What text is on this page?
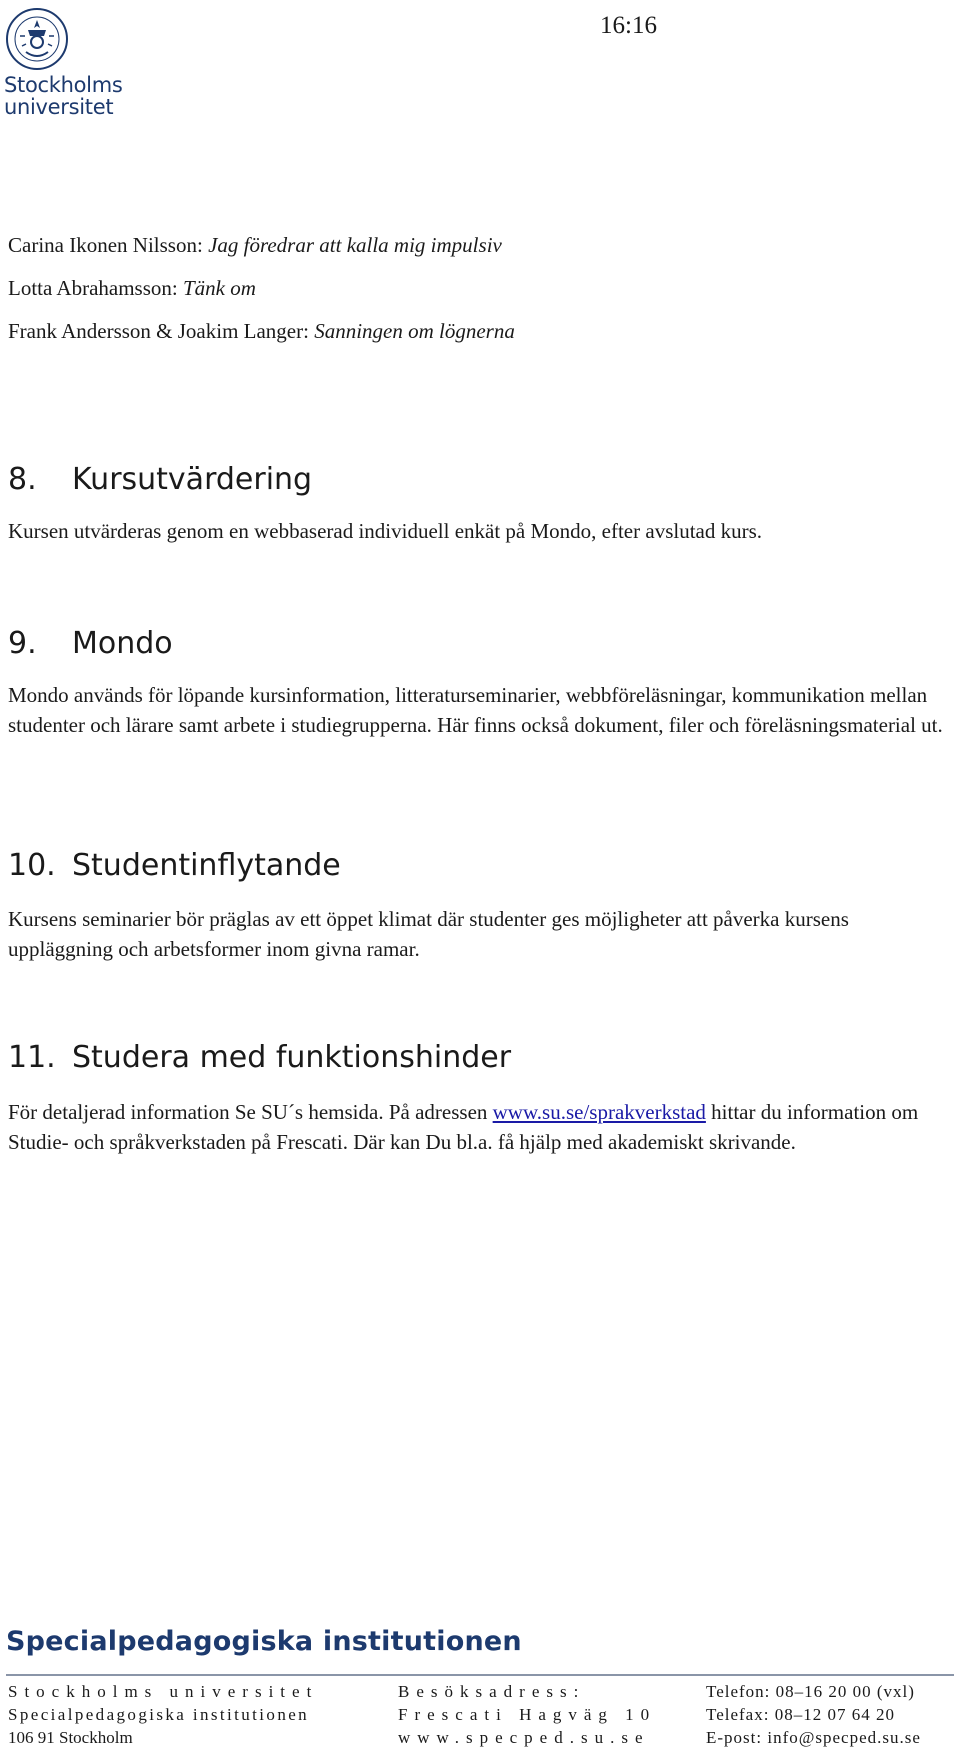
Stockholms
universitet
16:16
Carina Ikonen Nilsson: Jag föredrar att kalla mig impulsiv
Lotta Abrahamsson: Tänk om
Frank Andersson & Joakim Langer: Sanningen om lögnerna
8. Kursutvärdering
Kursen utvärderas genom en webbaserad individuell enkät på Mondo, efter avslutad kurs.
9. Mondo
Mondo används för löpande kursinformation, litteraturseminarier, webbföreläsningar, kommunikation mellan studenter och lärare samt arbete i studiegrupperna. Här finns också dokument, filer och föreläsningsmaterial ut.
10. Studentinflytande
Kursens seminarier bör präglas av ett öppet klimat där studenter ges möjligheter att påverka kursens uppläggning och arbetsformer inom givna ramar.
11. Studera med funktionshinder
För detaljerad information Se SU´s hemsida. På adressen www.su.se/sprakverkstad hittar du information om Studie- och språkverkstaden på Frescati. Där kan Du bl.a. få hjälp med akademiskt skrivande.
Specialpedagogiska institutionen
Stockholms universitet	Besöksadress:	Telefon: 08–16 20 00 (vxl)
Specialpedagogiska institutionen	Frescati Hagväg 10	Telefax: 08–12 07 64 20
106 91 Stockholm	www.specped.su.se	E-post: info@specped.su.se
